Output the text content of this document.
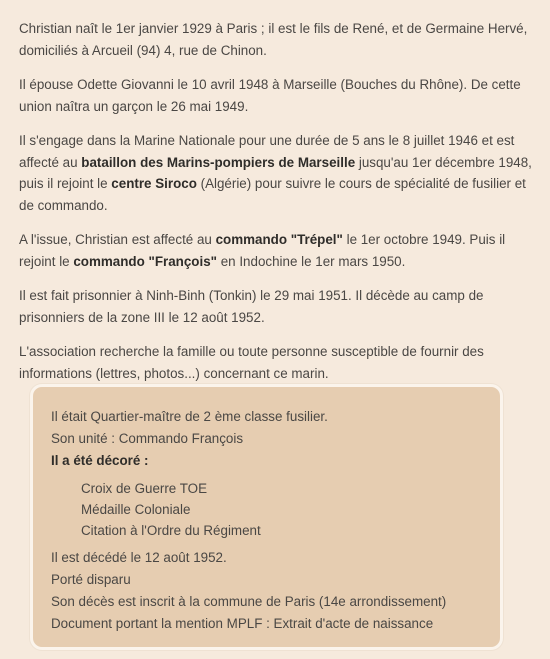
Christian naît le 1er janvier 1929 à Paris ; il est le fils de René, et de Germaine Hervé, domiciliés à Arcueil (94) 4, rue de Chinon.

Il épouse Odette Giovanni le 10 avril 1948 à Marseille (Bouches du Rhône). De cette union naîtra un garçon le 26 mai 1949.

Il s'engage dans la Marine Nationale pour une durée de 5 ans le 8 juillet 1946 et est affecté au bataillon des Marins-pompiers de Marseille jusqu'au 1er décembre 1948, puis il rejoint le centre Siroco (Algérie) pour suivre le cours de spécialité de fusilier et de commando.

A l'issue, Christian est affecté au commando "Trépel" le 1er octobre 1949. Puis il rejoint le commando "François" en Indochine le 1er mars 1950.

Il est fait prisonnier à Ninh-Binh (Tonkin) le 29 mai 1951. Il décède au camp de prisonniers de la zone III le 12 août 1952.

L'association recherche la famille ou toute personne susceptible de fournir des informations (lettres, photos...) concernant ce marin.

Il était Quartier-maître de 2 ème classe fusilier.
Son unité : Commando François
Il a été décoré :
Croix de Guerre TOE
Médaille Coloniale
Citation à l'Ordre du Régiment
Il est décédé le 12 août 1952.
Porté disparu
Son décès est inscrit à la commune de Paris (14e arrondissement)
Document portant la mention MPLF : Extrait d'acte de naissance
